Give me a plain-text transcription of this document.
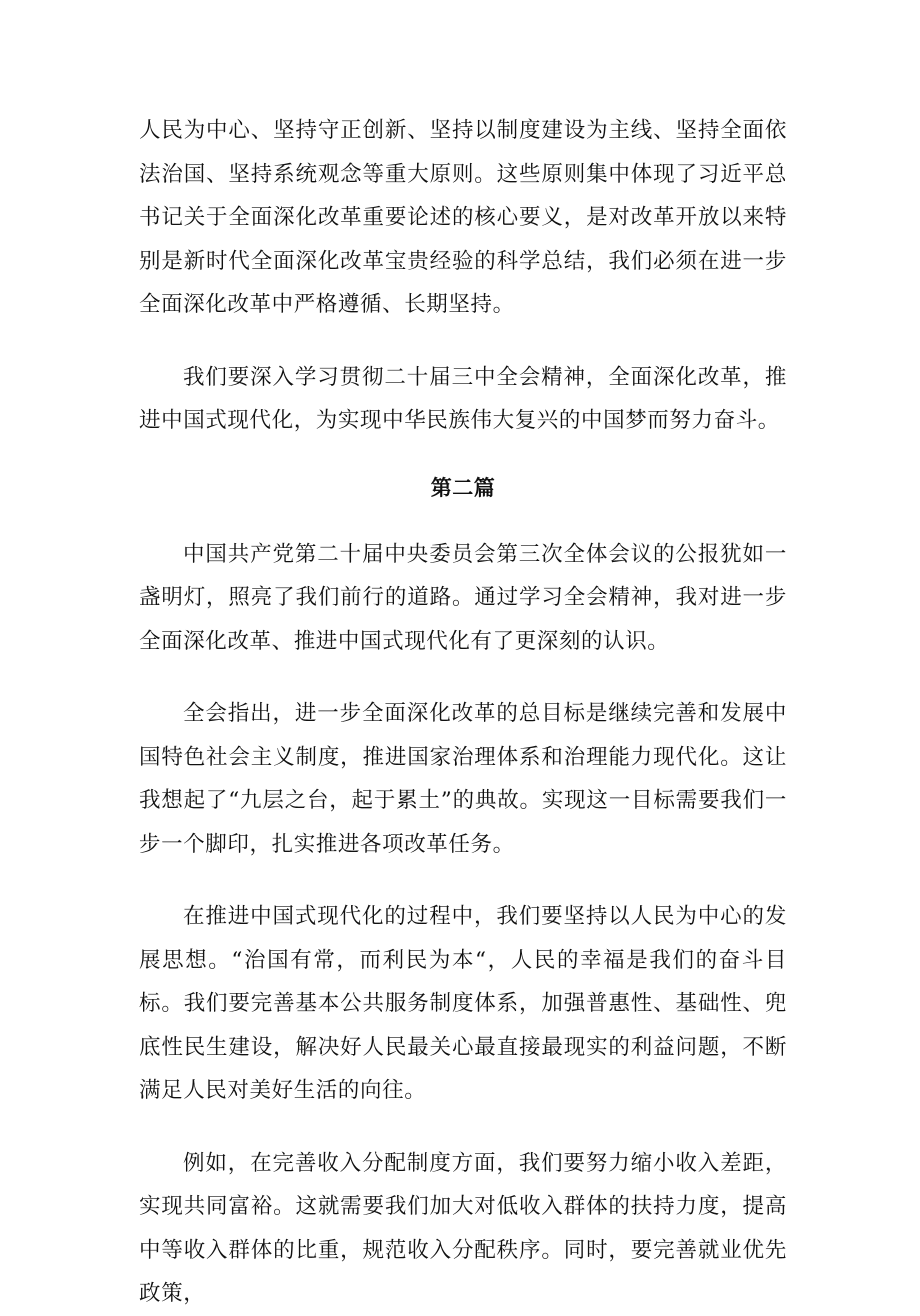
人民为中心、坚持守正创新、坚持以制度建设为主线、坚持全面依法治国、坚持系统观念等重大原则。这些原则集中体现了习近平总书记关于全面深化改革重要论述的核心要义，是对改革开放以来特别是新时代全面深化改革宝贵经验的科学总结，我们必须在进一步全面深化改革中严格遵循、长期坚持。

我们要深入学习贯彻二十届三中全会精神，全面深化改革，推进中国式现代化，为实现中华民族伟大复兴的中国梦而努力奋斗。

第二篇

中国共产党第二十届中央委员会第三次全体会议的公报犹如一盏明灯，照亮了我们前行的道路。通过学习全会精神，我对进一步全面深化改革、推进中国式现代化有了更深刻的认识。

全会指出，进一步全面深化改革的总目标是继续完善和发展中国特色社会主义制度，推进国家治理体系和治理能力现代化。这让我想起了“九层之台，起于累土”的典故。实现这一目标需要我们一步一个脚印，扎实推进各项改革任务。

在推进中国式现代化的过程中，我们要坚持以人民为中心的发展思想。“治国有常，而利民为本“，人民的幸福是我们的奋斗目标。我们要完善基本公共服务制度体系，加强普惠性、基础性、兜底性民生建设，解决好人民最关心最直接最现实的利益问题，不断满足人民对美好生活的向往。

例如，在完善收入分配制度方面，我们要努力缩小收入差距，实现共同富裕。这就需要我们加大对低收入群体的扶持力度，提高中等收入群体的比重，规范收入分配秩序。同时，要完善就业优先政策，
